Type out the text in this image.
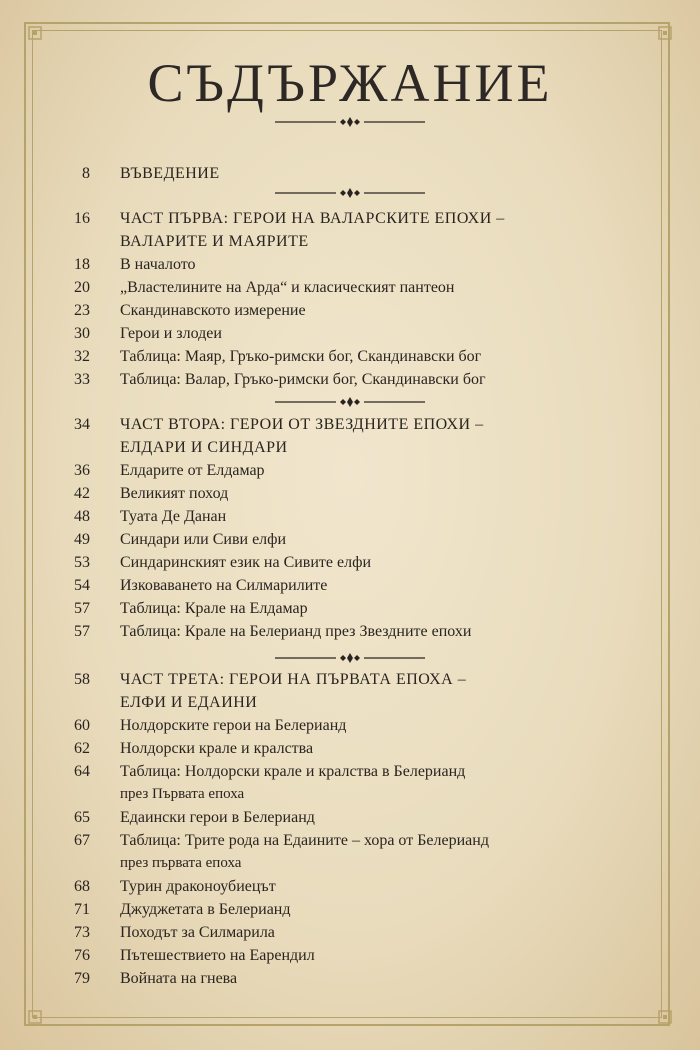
СЪДЪРЖАНИЕ
8 ВЪВЕДЕНИЕ
16 ЧАСТ ПЪРВА: ГЕРОИ НА ВАЛАРСКИТЕ ЕПОХИ –
ВАЛАРИТЕ И МАЯРИТЕ
18 В началото
20 „Властелините на Арда“ и класическият пантеон
23 Скандинавското измерение
30 Герои и злодеи
32 Таблица: Маяр, Гръко-римски бог, Скандинавски бог
33 Таблица: Валар, Гръко-римски бог, Скандинавски бог
34 ЧАСТ ВТОРА: ГЕРОИ ОТ ЗВЕЗДНИТЕ ЕПОХИ –
ЕЛДАРИ И СИНДАРИ
36 Елдарите от Елдамар
42 Великият поход
48 Туата Де Данан
49 Синдари или Сиви елфи
53 Синдаринският език на Сивите елфи
54 Изковаването на Силмарилите
57 Таблица: Крале на Елдамар
57 Таблица: Крале на Белерианд през Звездните епохи
58 ЧАСТ ТРЕТА: ГЕРОИ НА ПЪРВАТА ЕПОХА –
ЕЛФИ И ЕДАИНИ
60 Нолдорските герои на Белерианд
62 Нолдорски крале и кралства
64 Таблица: Нолдорски крале и кралства в Белерианд
през Първата епоха
65 Едаински герои в Белерианд
67 Таблица: Трите рода на Едаините – хора от Белерианд
през първата епоха
68 Турин драконоубиецът
71 Джуджетата в Белерианд
73 Походът за Силмарила
76 Пътешествието на Еарендил
79 Войната на гнева
